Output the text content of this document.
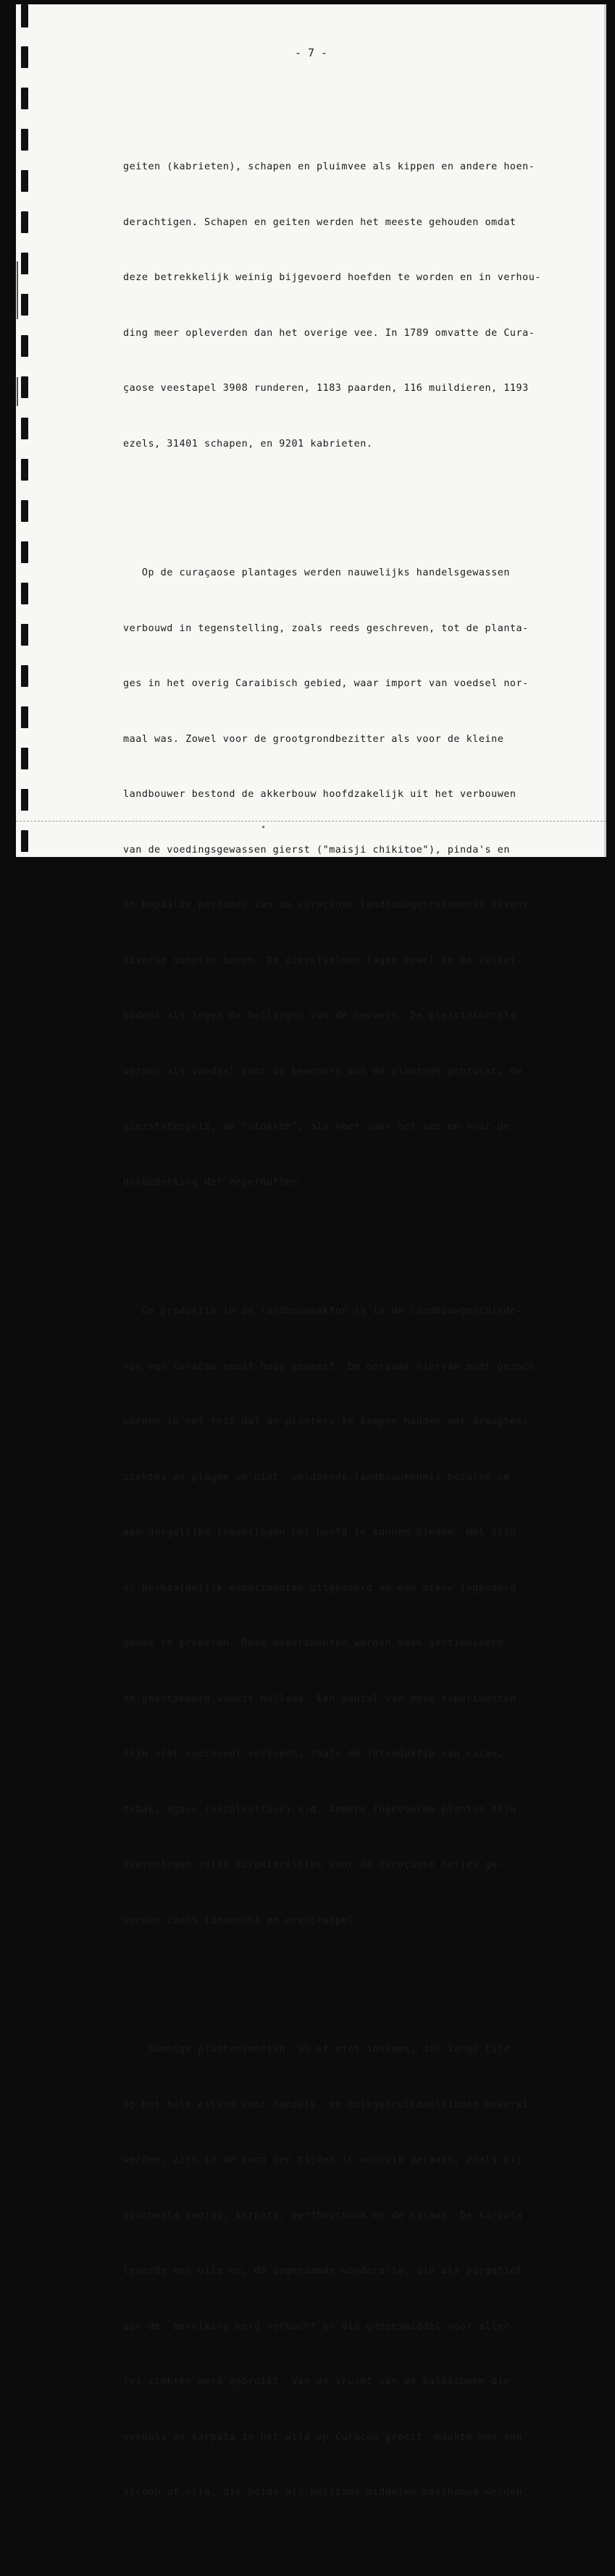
- 7 -

geiten (kabrieten), schapen en pluimvee als kippen en andere hoen-

derachtigen. Schapen en geiten werden het meeste gehouden omdat

deze betrekkelijk weinig bijgevoerd hoefden te worden en in verhou-

ding meer opleverden dan het overige vee. In 1789 omvatte de Cura-

çaose veestapel 3908 runderen, 1183 paarden, 116 muildieren, 1193

ezels, 31401 schapen, en 9201 kabrieten.

Op de curaçaose plantages werden nauwelijks handelsgewassen

verbouwd in tegenstelling, zoals reeds geschreven, tot de planta-

ges in het overig Caraibisch gebied, waar import van voedsel nor-

maal was. Zowel voor de grootgrondbezitter als voor de kleine

landbouwer bestond de akkerbouw hoofdzakelijk uit het verbouwen

van de voedingsgewassen gierst ("maisji chikitoe"), pinda's en

in bepaalde periodes van de curaçaose landbouwgeschiedenis tevens

diverse soorten bonen. De gierstvelden lagen zowel in de vallei-

bodems als tegen de hellingen van de heuvels. De gierstekorrels

werden als voedsel voor de bewoners van de plantage gebruikt, de

gierststengels, de "stokken", als voer voor het vee en voor de

dakbedekking der negerhutten.

De produktie in de landbouwsektor is in de landbouwgeschiede-

nis van Curaçao nooit hoog geweest. De oorzaak hiervan moet gezoch

worden in het feit dat de planters te kampen hadden met droogtes,

ziektes en plagen en niet  voldoende landbouwkennis bezaten om

aan dergelijke tegenslagen het hoofd te kunnen bieden. Wel zijn

er herhaaldelijk experimenten uitgevoerd om een nieuw ingevoerd

gewas te proberen. Deze experimenten werden vaak gestimuleerd

en geëntameerd vanuit Holland. Een aantal van deze experimenten

zijn niet succesvol verlopen, zoals de introduktie van cacao,

tabak, agave (sisalcultuur) e.d. Andere ingevoerde planten zijn

daarentegen zelfs karakteristiek voor de curaçaose hofjes ge-

worden zoals lamoenchi en oranjeappel.

Sommige plantensoorten, al of niet inheems, die lange tijd

op het hele eiland voor handels- en huisgebruikdoeleinden bewerkt

werden, zijn in de loop der tijden in onbruik geraakt, zoals bij-

voorbeeld indigo, karpata, verfhoutboom en de kalbas. De karpata

leverde een olie op, de zogenaamde wonderolie, die als purgatief

aan de  bevolking werd verkocht en als geneesmiddel voor aller-

lei ziekten werd gebruikt. Van de vrucht van de kalbasboom die

evenals de karpata in het wild op Curaçao groeit, maakte men een

stroop of olie, die beide als heilzame middelen beschouwd werden
